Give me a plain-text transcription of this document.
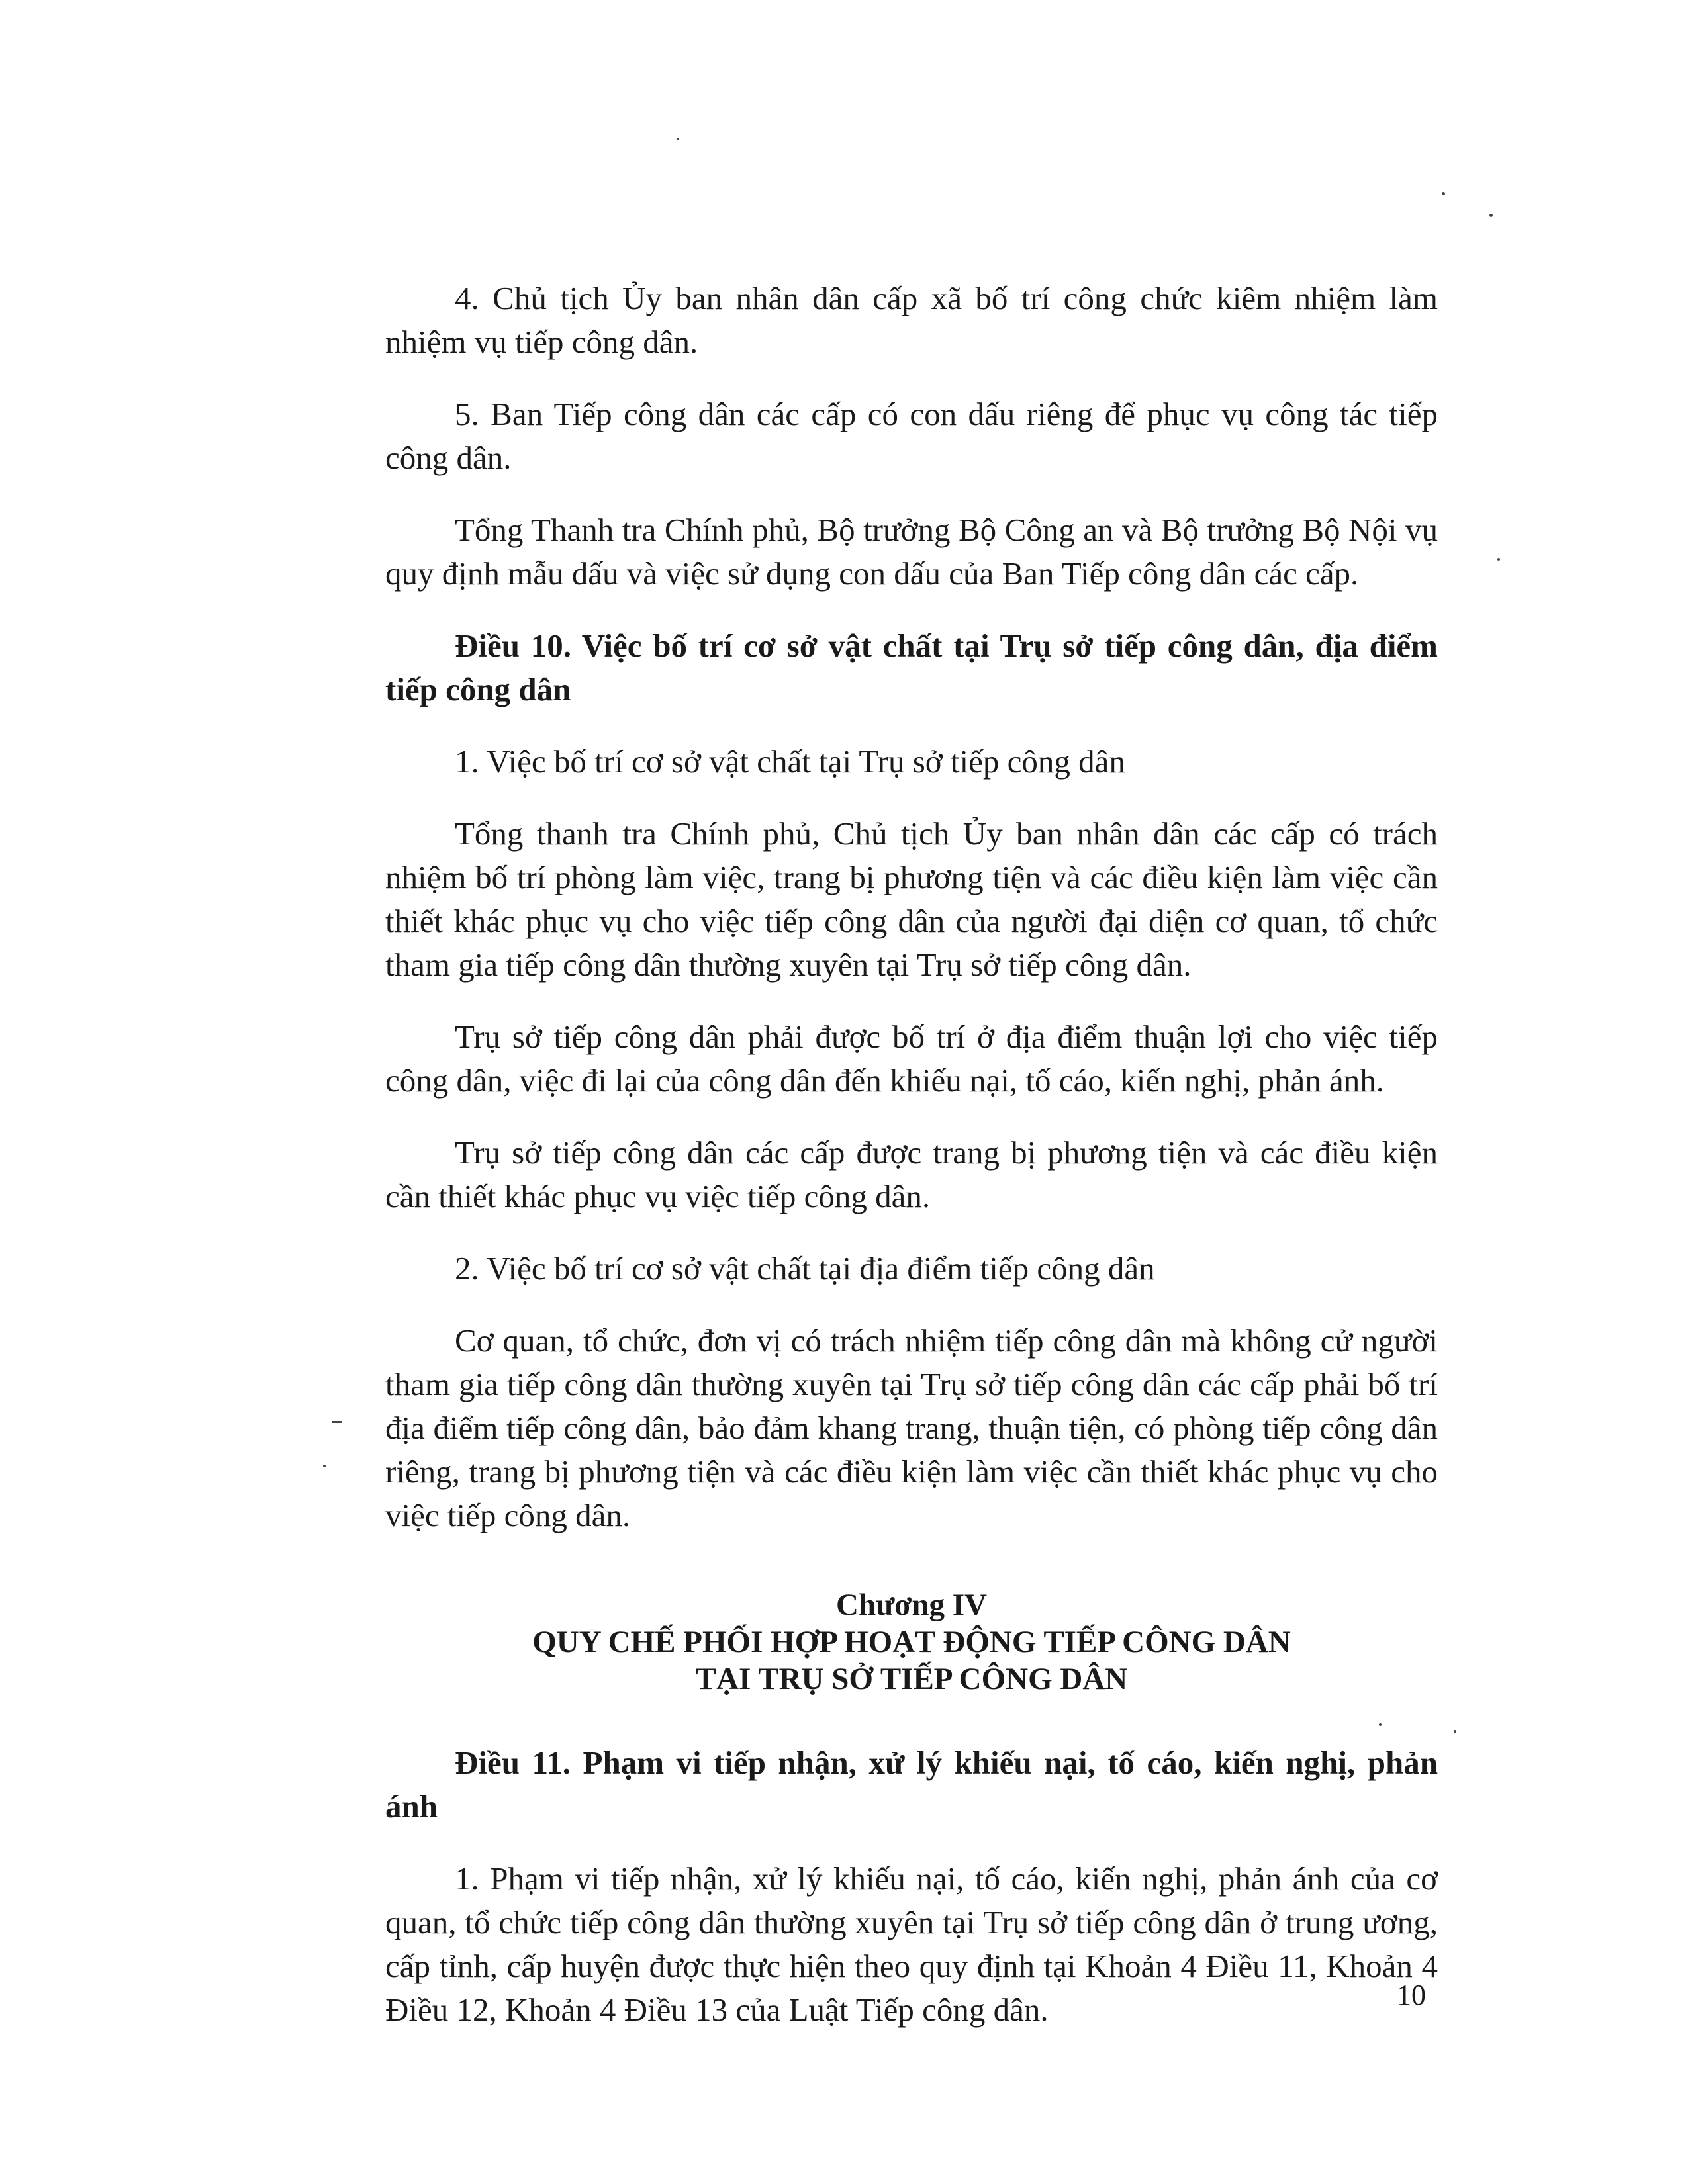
4. Chủ tịch Ủy ban nhân dân cấp xã bố trí công chức kiêm nhiệm làm nhiệm vụ tiếp công dân.

5. Ban Tiếp công dân các cấp có con dấu riêng để phục vụ công tác tiếp công dân.

Tổng Thanh tra Chính phủ, Bộ trưởng Bộ Công an và Bộ trưởng Bộ Nội vụ quy định mẫu dấu và việc sử dụng con dấu của Ban Tiếp công dân các cấp.

Điều 10. Việc bố trí cơ sở vật chất tại Trụ sở tiếp công dân, địa điểm tiếp công dân

1. Việc bố trí cơ sở vật chất tại Trụ sở tiếp công dân

Tổng thanh tra Chính phủ, Chủ tịch Ủy ban nhân dân các cấp có trách nhiệm bố trí phòng làm việc, trang bị phương tiện và các điều kiện làm việc cần thiết khác phục vụ cho việc tiếp công dân của người đại diện cơ quan, tổ chức tham gia tiếp công dân thường xuyên tại Trụ sở tiếp công dân.

Trụ sở tiếp công dân phải được bố trí ở địa điểm thuận lợi cho việc tiếp công dân, việc đi lại của công dân đến khiếu nại, tố cáo, kiến nghị, phản ánh.

Trụ sở tiếp công dân các cấp được trang bị phương tiện và các điều kiện cần thiết khác phục vụ việc tiếp công dân.

2. Việc bố trí cơ sở vật chất tại địa điểm tiếp công dân

Cơ quan, tổ chức, đơn vị có trách nhiệm tiếp công dân mà không cử người tham gia tiếp công dân thường xuyên tại Trụ sở tiếp công dân các cấp phải bố trí địa điểm tiếp công dân, bảo đảm khang trang, thuận tiện, có phòng tiếp công dân riêng, trang bị phương tiện và các điều kiện làm việc cần thiết khác phục vụ cho việc tiếp công dân.

Chương IV
QUY CHẾ PHỐI HỢP HOẠT ĐỘNG TIẾP CÔNG DÂN
TẠI TRỤ SỞ TIẾP CÔNG DÂN

Điều 11. Phạm vi tiếp nhận, xử lý khiếu nại, tố cáo, kiến nghị, phản ánh

1. Phạm vi tiếp nhận, xử lý khiếu nại, tố cáo, kiến nghị, phản ánh của cơ quan, tổ chức tiếp công dân thường xuyên tại Trụ sở tiếp công dân ở trung ương, cấp tỉnh, cấp huyện được thực hiện theo quy định tại Khoản 4 Điều 11, Khoản 4 Điều 12, Khoản 4 Điều 13 của Luật Tiếp công dân.	10
